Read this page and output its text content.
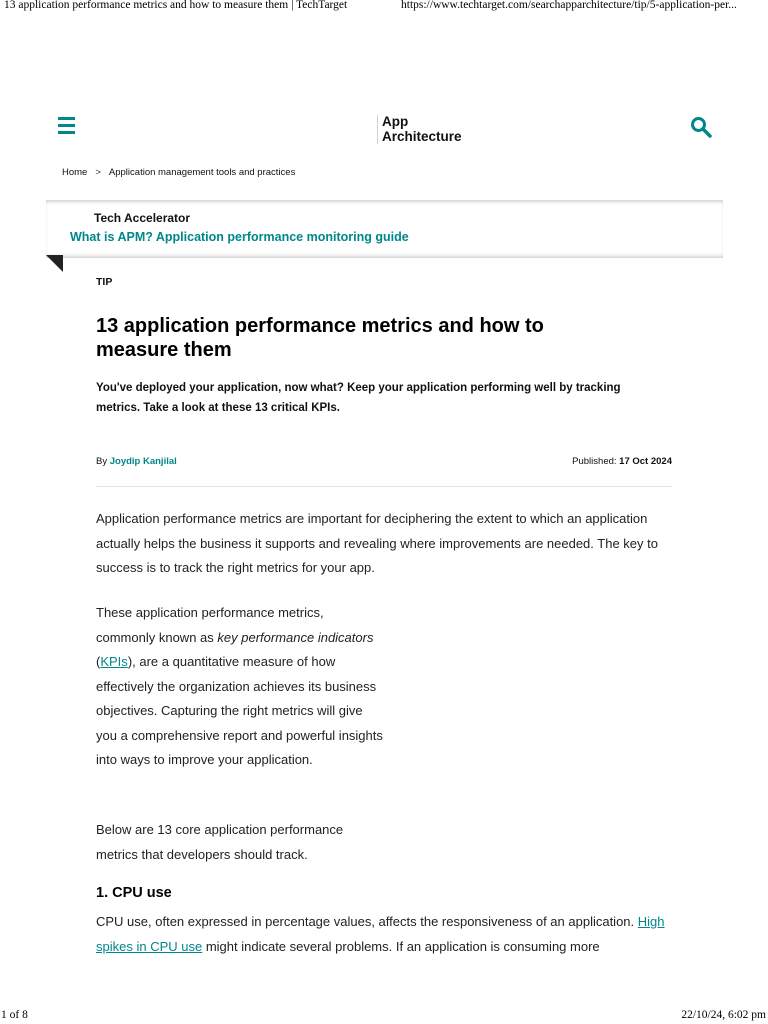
13 application performance metrics and how to measure them | TechTarget	https://www.techtarget.com/searchapparchitecture/tip/5-application-per...
App
Architecture
Home > Application management tools and practices
Tech Accelerator
What is APM? Application performance monitoring guide
TIP
13 application performance metrics and how to measure them

You've deployed your application, now what? Keep your application performing well by tracking metrics. Take a look at these 13 critical KPIs.

By Joydip Kanjilal	Published: 17 Oct 2024

Application performance metrics are important for deciphering the extent to which an application actually helps the business it supports and revealing where improvements are needed. The key to success is to track the right metrics for your app.

These application performance metrics, commonly known as key performance indicators (KPIs), are a quantitative measure of how effectively the organization achieves its business objectives. Capturing the right metrics will give you a comprehensive report and powerful insights into ways to improve your application.

Below are 13 core application performance metrics that developers should track.

1. CPU use

CPU use, often expressed in percentage values, affects the responsiveness of an application. High spikes in CPU use might indicate several problems. If an application is consuming more

1 of 8	22/10/24, 6:02 pm
